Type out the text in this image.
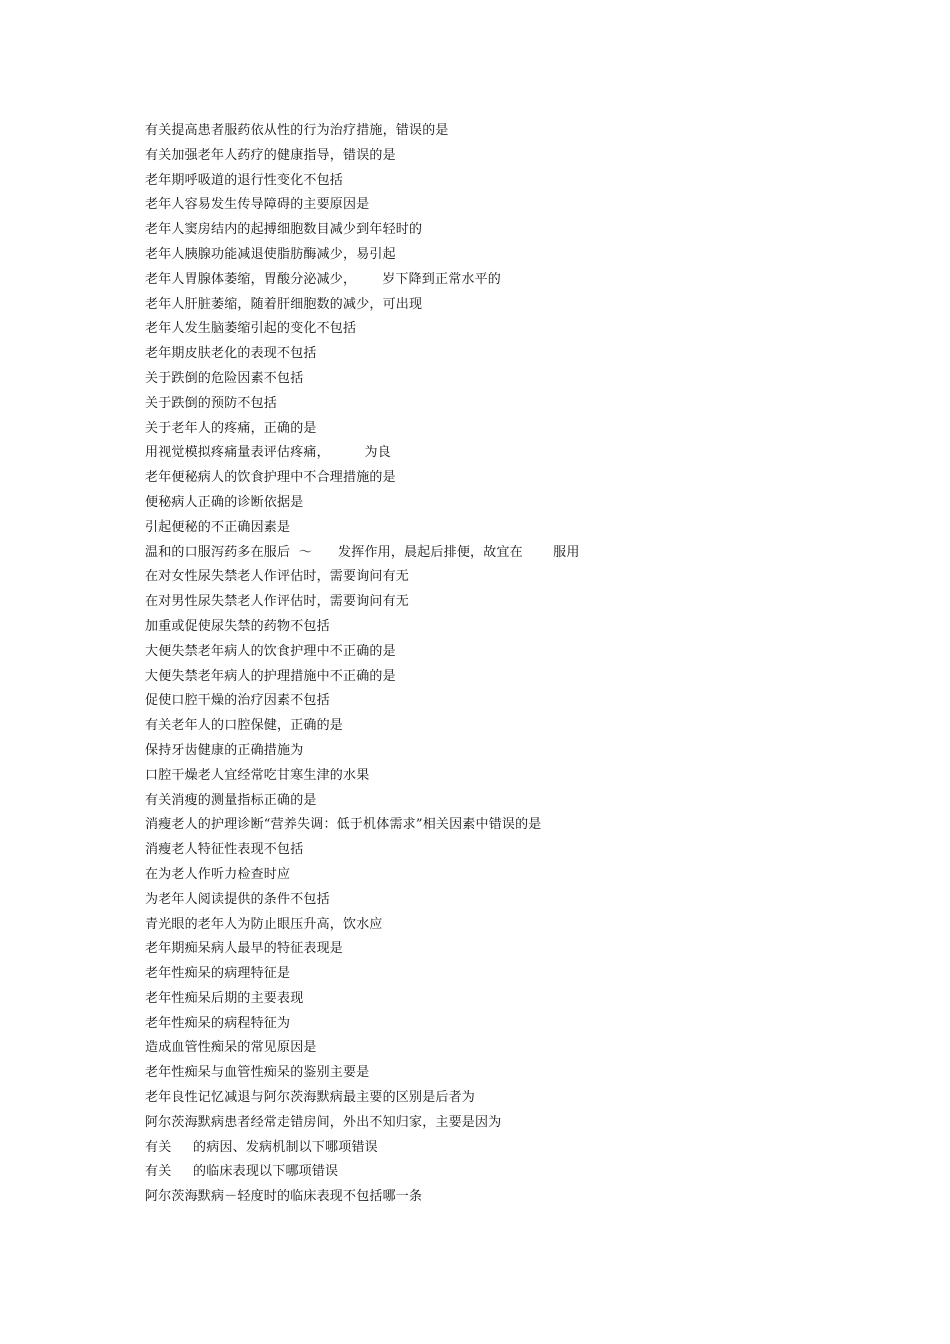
有关提高患者服药依从性的行为治疗措施，错误的是
有关加强老年人药疗的健康指导，错误的是
老年期呼吸道的退行性变化不包括
老年人容易发生传导障碍的主要原因是
老年人窦房结内的起搏细胞数目减少到年轻时的
老年人胰腺功能减退使脂肪酶减少，易引起
老年人胃腺体萎缩，胃酸分泌减少，      岁下降到正常水平的
老年人肝脏萎缩，随着肝细胞数的减少，可出现
老年人发生脑萎缩引起的变化不包括
老年期皮肤老化的表现不包括
关于跌倒的危险因素不包括
关于跌倒的预防不包括
关于老年人的疼痛，正确的是
用视觉模拟疼痛量表评估疼痛，        为良
老年便秘病人的饮食护理中不合理措施的是
便秘病人正确的诊断依据是
引起便秘的不正确因素是
温和的口服泻药多在服后  ～      发挥作用，晨起后排便，故宜在       服用
在对女性尿失禁老人作评估时，需要询问有无
在对男性尿失禁老人作评估时，需要询问有无
加重或促使尿失禁的药物不包括
大便失禁老年病人的饮食护理中不正确的是
大便失禁老年病人的护理措施中不正确的是
促使口腔干燥的治疗因素不包括
有关老年人的口腔保健，正确的是
保持牙齿健康的正确措施为
口腔干燥老人宜经常吃甘寒生津的水果
有关消瘦的测量指标正确的是
消瘦老人的护理诊断“营养失调：低于机体需求”相关因素中错误的是
消瘦老人特征性表现不包括
在为老人作听力检查时应
为老年人阅读提供的条件不包括
青光眼的老年人为防止眼压升高，饮水应
老年期痴呆病人最早的特征表现是
老年性痴呆的病理特征是
老年性痴呆后期的主要表现
老年性痴呆的病程特征为
造成血管性痴呆的常见原因是
老年性痴呆与血管性痴呆的鉴别主要是
老年良性记忆减退与阿尔茨海默病最主要的区别是后者为
阿尔茨海默病患者经常走错房间，外出不知归家，主要是因为
有关     的病因、发病机制以下哪项错误
有关     的临床表现以下哪项错误
阿尔茨海默病－轻度时的临床表现不包括哪一条
